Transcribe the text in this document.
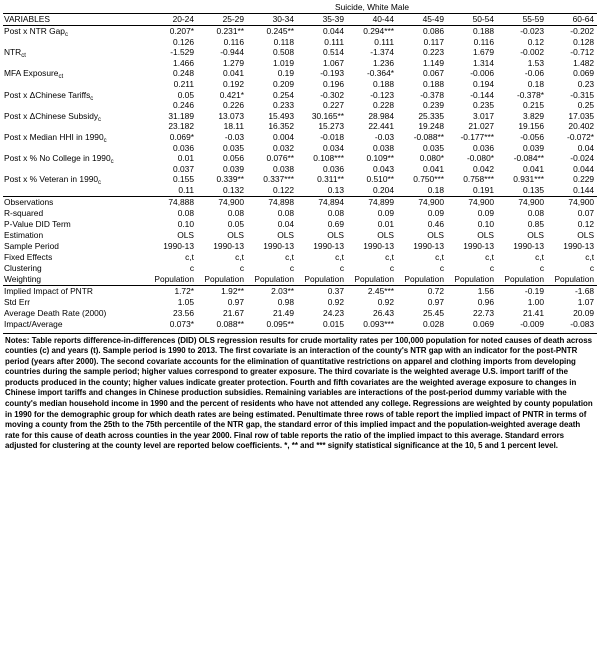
	Suicide, White Male								
VARIABLES	20-24	25-29	30-34	35-39	40-44	45-49	50-54	55-59	60-64
Post x NTR Gap$_c$	0.207*	0.231**	0.245**	0.044	0.294***	0.086	0.188	-0.023	-0.202
	0.126	0.116	0.118	0.111	0.111	0.117	0.116	0.12	0.128
$NTR_{ct}$	-1.529	-0.944	0.508	0.514	-1.374	0.223	1.679	-0.002	-0.712
	1.466	1.279	1.019	1.067	1.236	1.149	1.314	1.53	1.482
MFA Exposure$_{ct}$	0.248	0.041	0.19	-0.193	-0.364*	0.067	-0.006	-0.06	0.069
	0.211	0.192	0.209	0.196	0.188	0.188	0.194	0.18	0.23
Post x ΔChinese Tariffs$_c$	0.05	0.421*	0.254	-0.302	-0.123	-0.378	-0.144	-0.378*	-0.315
	0.246	0.226	0.233	0.227	0.228	0.239	0.235	0.215	0.25
Post x ΔChinese Subsidy$_c$	31.189	13.073	15.493	30.165**	28.984	25.335	3.017	3.829	17.035
	23.182	18.11	16.352	15.273	22.441	19.248	21.027	19.156	20.402
Post x Median HHI in $1990_c$	0.069*	-0.03	0.004	-0.018	-0.03	-0.088**	-0.177***	-0.056	-0.072*
	0.036	0.035	0.032	0.034	0.038	0.035	0.036	0.039	0.04
Post x % No College in $1990_c$	0.01	0.056	0.076**	0.108***	0.109**	0.080*	-0.080*	-0.084**	-0.024
	0.037	0.039	0.038	0.036	0.043	0.041	0.042	0.041	0.044
Post x % Veteran in $1990_c$	0.155	0.339**	0.337***	0.311**	0.510**	0.750***	0.758***	0.931***	0.229
	0.11	0.132	0.122	0.13	0.204	0.18	0.191	0.135	0.144
Observations	74,888	74,900	74,898	74,894	74,899	74,900	74,900	74,900	74,900
R-squared	0.08	0.08	0.08	0.08	0.09	0.09	0.09	0.08	0.07
P-Value DID Term	0.10	0.05	0.04	0.69	0.01	0.46	0.10	0.85	0.12
Estimation	OLS	OLS	OLS	OLS	OLS	OLS	OLS	OLS	OLS
Sample Period	1990-13	1990-13	1990-13	1990-13	1990-13	1990-13	1990-13	1990-13	1990-13
Fixed Effects	c,t	c,t	c,t	c,t	c,t	c,t	c,t	c,t	c,t
Clustering	c	c	c	c	c	c	c	c	c
Weighting	Population	Population	Population	Population	Population	Population	Population	Population	Population
Implied Impact of PNTR	1.72*	1.92**	2.03**	0.37	2.45***	0.72	1.56	-0.19	-1.68
Std Err	1.05	0.97	0.98	0.92	0.92	0.97	0.96	1.00	1.07
Average Death Rate (2000)	23.56	21.67	21.49	24.23	26.43	25.45	22.73	21.41	20.09
Impact/Average	0.073*	0.088**	0.095**	0.015	0.093***	0.028	0.069	-0.009	-0.083
Notes: Table reports difference-in-differences (DID) OLS regression results for crude mortality rates per 100,000 population for noted causes of death across counties (c) and years (t). Sample period is 1990 to 2013. The first covariate is an interaction of the county's NTR gap with an indicator for the post-PNTR period (years after 2000). The second covariate accounts for the elimination of quantitative restrictions on apparel and clothing imports from developing countries during the sample period; higher values correspond to greater exposure. The third covariate is the weighted average U.S. import tariff of the products produced in the county; higher values indicate greater protection. Fourth and fifth covariates are the weighted average exposure to changes in Chinese import tariffs and changes in Chinese production subsidies. Remaining variables are interactions of the post-period dummy variable with the county's median household income in 1990 and the percent of residents who have not attended any college. Regressions are weighted by county population in 1990 for the demographic group for which death rates are being estimated. Penultimate three rows of table report the implied impact of PNTR in terms of moving a county from the 25th to the 75th percentile of the NTR gap, the standard error of this implied impact and the population-weighted average death rate for this cause of death across counties in the year 2000. Final row of table reports the ratio of the implied impact to this average. Standard errors adjusted for clustering at the county level are reported below coefficients. *, ** and *** signify statistical significance at the 10, 5 and 1 percent level.
